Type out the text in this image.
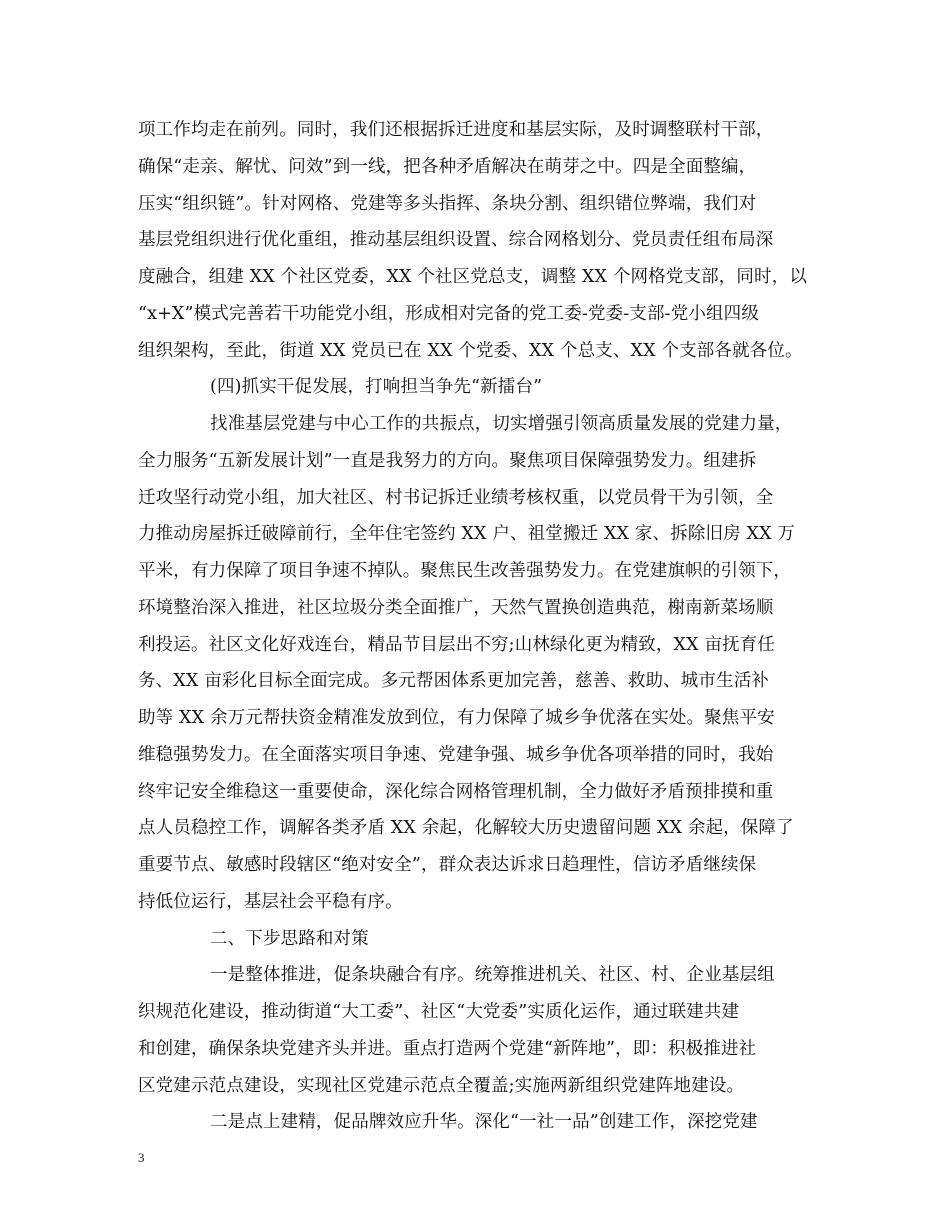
项工作均走在前列。同时，我们还根据拆迁进度和基层实际，及时调整联村干部，
确保“走亲、解忧、问效”到一线，把各种矛盾解决在萌芽之中。四是全面整编，
压实“组织链”。针对网格、党建等多头指挥、条块分割、组织错位弊端，我们对
基层党组织进行优化重组，推动基层组织设置、综合网格划分、党员责任组布局深
度融合，组建 XX 个社区党委，XX 个社区党总支，调整 XX 个网格党支部，同时，以
“x+X”模式完善若干功能党小组，形成相对完备的党工委-党委-支部-党小组四级
组织架构，至此，街道 XX 党员已在 XX 个党委、XX 个总支、XX 个支部各就各位。
(四)抓实干促发展，打响担当争先“新擂台”
找准基层党建与中心工作的共振点，切实增强引领高质量发展的党建力量，
全力服务“五新发展计划”一直是我努力的方向。聚焦项目保障强势发力。组建拆
迁攻坚行动党小组，加大社区、村书记拆迁业绩考核权重，以党员骨干为引领，全
力推动房屋拆迁破障前行，全年住宅签约 XX 户、祖堂搬迁 XX 家、拆除旧房 XX 万
平米，有力保障了项目争速不掉队。聚焦民生改善强势发力。在党建旗帜的引领下，
环境整治深入推进，社区垃圾分类全面推广，天然气置换创造典范，榭南新菜场顺
利投运。社区文化好戏连台，精品节目层出不穷;山林绿化更为精致，XX 亩抚育任
务、XX 亩彩化目标全面完成。多元帮困体系更加完善，慈善、救助、城市生活补
助等 XX 余万元帮扶资金精准发放到位，有力保障了城乡争优落在实处。聚焦平安
维稳强势发力。在全面落实项目争速、党建争强、城乡争优各项举措的同时，我始
终牢记安全维稳这一重要使命，深化综合网格管理机制，全力做好矛盾预排摸和重
点人员稳控工作，调解各类矛盾 XX 余起，化解较大历史遗留问题 XX 余起，保障了
重要节点、敏感时段辖区“绝对安全”，群众表达诉求日趋理性，信访矛盾继续保
持低位运行，基层社会平稳有序。
二、下步思路和对策
一是整体推进，促条块融合有序。统筹推进机关、社区、村、企业基层组
织规范化建设，推动街道“大工委”、社区“大党委”实质化运作，通过联建共建
和创建，确保条块党建齐头并进。重点打造两个党建“新阵地”，即：积极推进社
区党建示范点建设，实现社区党建示范点全覆盖;实施两新组织党建阵地建设。
二是点上建精，促品牌效应升华。深化“一社一品”创建工作，深挖党建
3
